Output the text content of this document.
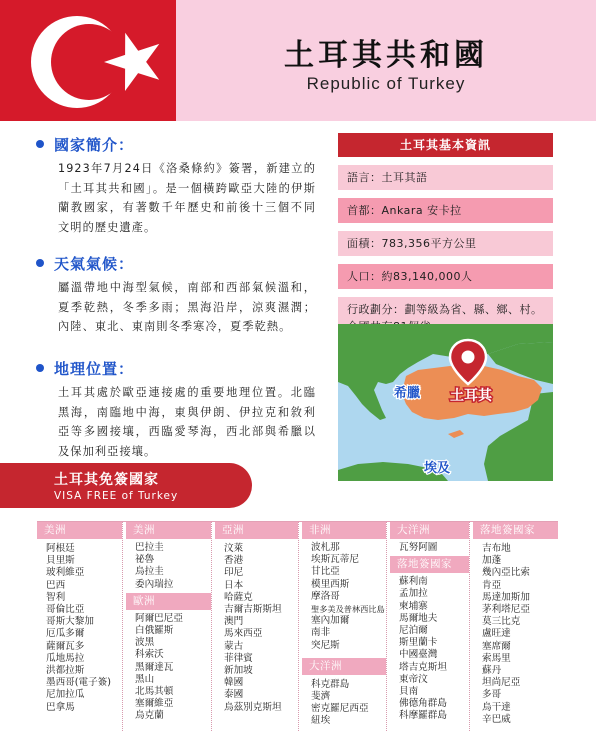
土耳其共和國
Republic of Turkey
國家簡介：
1923年7月24日《洛桑條約》簽署，新建立的「土耳其共和國」。是一個橫跨歐亞大陸的伊斯蘭教國家，有著數千年歷史和前後十三個不同文明的歷史遺產。
天氣氣候：
屬溫帶地中海型氣候，南部和西部氣候溫和，夏季乾熱，冬季多雨；黑海沿岸，涼爽濕潤；內陸、東北、東南則冬季寒冷，夏季乾熱。
地理位置：
土耳其處於歐亞連接處的重要地理位置。北臨黑海，南臨地中海，東與伊朗、伊拉克和敘利亞等多國接壤，西臨愛琴海，西北部與希臘以及保加利亞接壤。
土耳其基本資訊
語言：土耳其語
首都：Ankara 安卡拉
面積：783,356平方公里
人口：約83,140,000人
行政劃分：劃等級為省、縣、鄉、村。
希臘 土耳其
埃及
土耳其免簽國家
VISA FREE of Turkey
美洲
阿根廷
貝里斯
玻利維亞
巴西
智利
哥倫比亞
哥斯大黎加
厄瓜多爾
薩爾瓦多
瓜地馬拉
洪都拉斯
墨西哥(電子簽)
尼加拉瓜
巴拿馬
美洲
巴拉圭
祕魯
烏拉圭
委內瑞拉
歐洲
阿爾巴尼亞
白俄羅斯
波黑
科索沃
黑爾達瓦
黑山
北馬其頓
塞爾維亞
烏克蘭
亞洲
汶萊
香港
印尼
日本
哈薩克
吉爾吉斯斯坦
澳門
馬來西亞
蒙古
菲律賓
新加坡
韓國
泰國
烏茲別克斯坦
非洲
波札那
埃斯瓦蒂尼
甘比亞
模里西斯
摩洛哥
聖多美及普林西比島
塞內加爾
南非
突尼斯
大洋洲
科克群島
斐濟
密克羅尼西亞
紐埃
大洋洲
瓦努阿圖
落地簽國家
蘇利南
孟加拉
柬埔寨
馬爾地夫
尼泊爾
斯里蘭卡
中國臺灣
塔吉克斯坦
東帝汶
貝南
佛德角群島
科摩羅群島
落地簽國家
吉布地
加蓬
幾內亞比索
肯亞
馬達加斯加
茅利塔尼亞
莫三比克
盧旺達
塞席爾
索馬里
蘇丹
坦尚尼亞
多哥
烏干達
辛巴威
